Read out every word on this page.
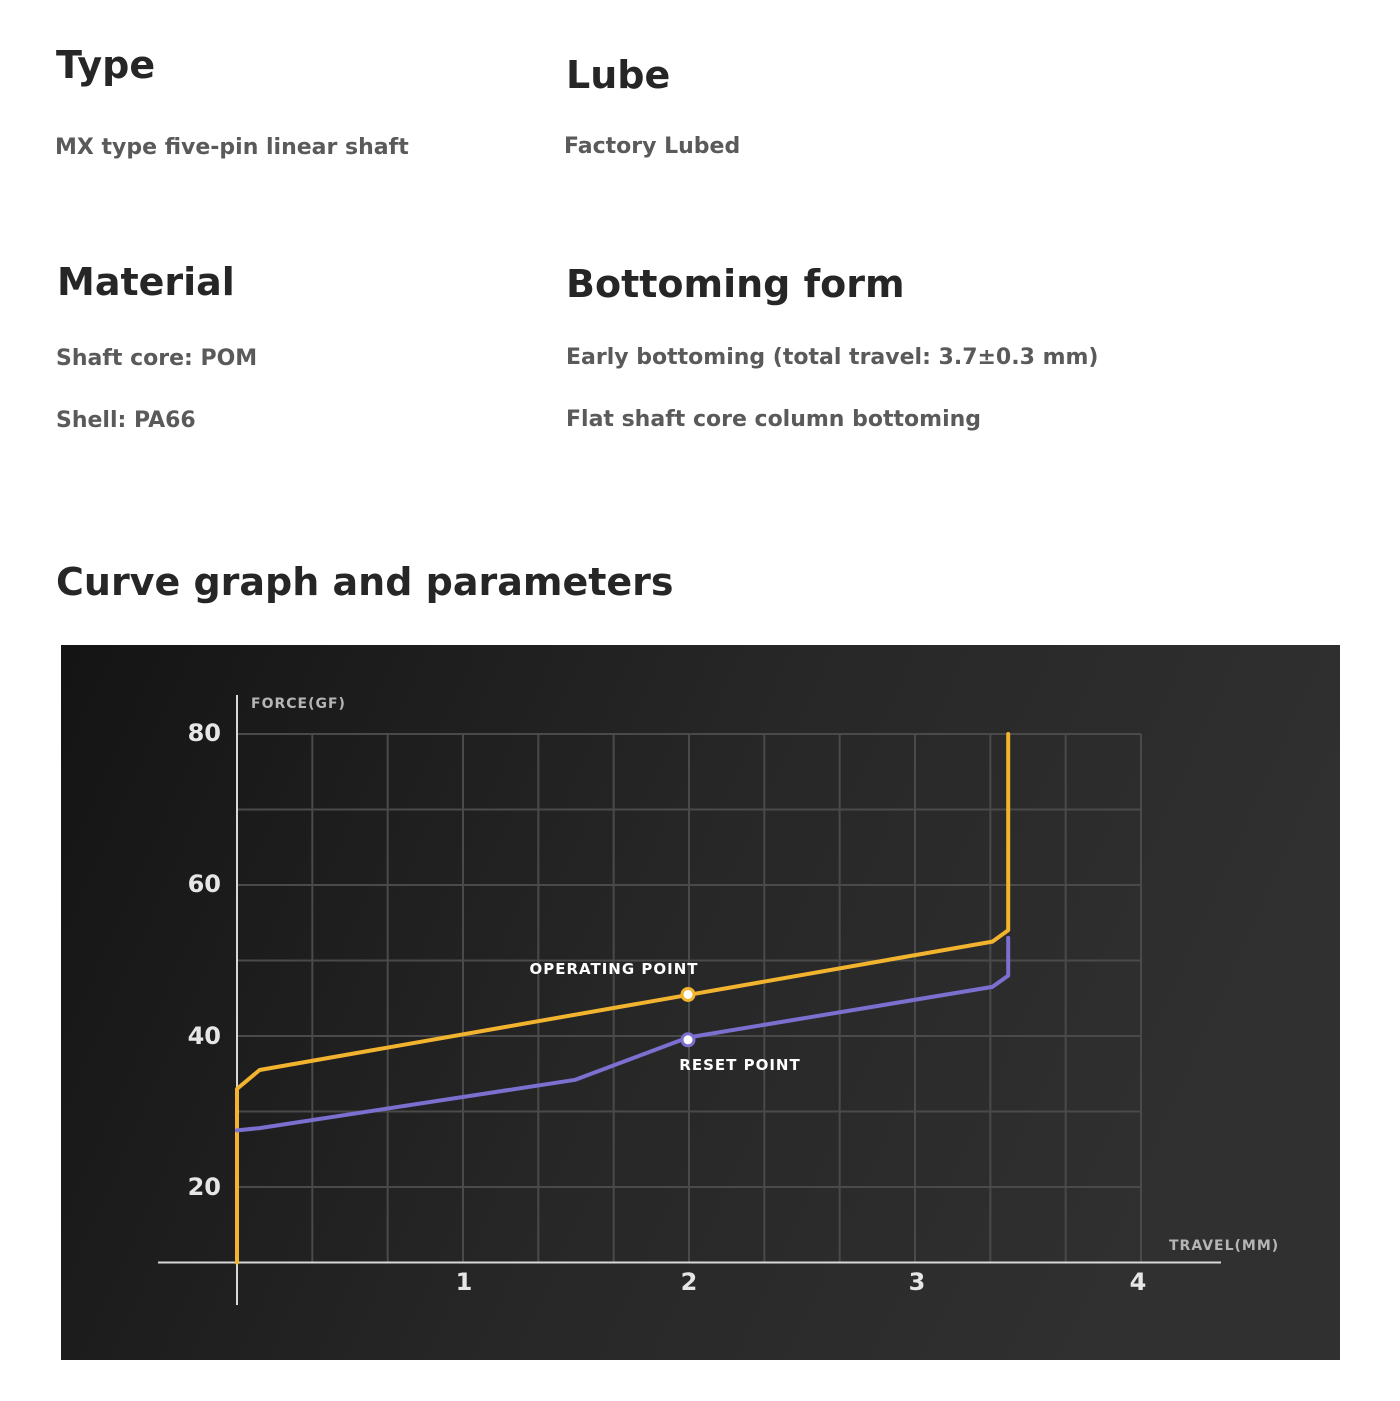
Type

MX type five-pin linear shaft

Lube

Factory Lubed

Material

Shaft core: POM

Shell: PA66

Bottoming form

Early bottoming (total travel: 3.7±0.3 mm)

Flat shaft core column bottoming

Curve graph and parameters
FORCE(GF)
TRAVEL(MM)
80
60
40
20
1	2	3	4
OPERATING POINT
RESET POINT
